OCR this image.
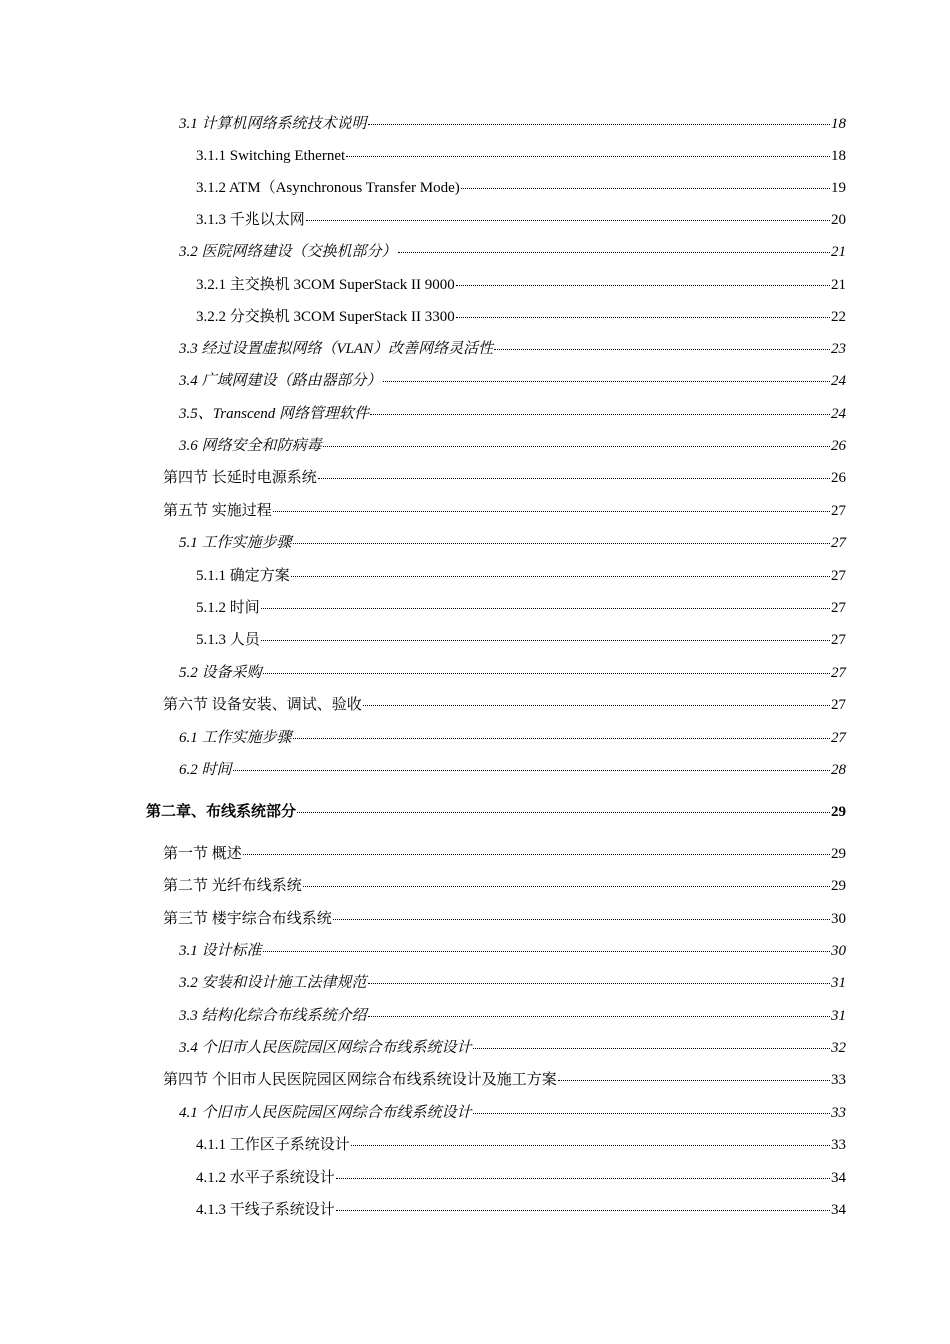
3.1 计算机网络系统技术说明	18
3.1.1 Switching Ethernet	18
3.1.2 ATM（Asynchronous Transfer Mode)	19
3.1.3 千兆以太网	20
3.2 医院网络建设（交换机部分）	21
3.2.1 主交换机 3COM SuperStack II 9000	21
3.2.2 分交换机 3COM SuperStack II 3300	22
3.3 经过设置虚拟网络（VLAN）改善网络灵活性	23
3.4 广域网建设（路由器部分）	24
3.5、Transcend 网络管理软件	24
3.6 网络安全和防病毒	26
第四节 长延时电源系统	26
第五节 实施过程	27
5.1 工作实施步骤	27
5.1.1 确定方案	27
5.1.2 时间	27
5.1.3 人员	27
5.2 设备采购	27
第六节 设备安装、调试、验收	27
6.1 工作实施步骤	27
6.2 时间	28
第二章、布线系统部分	29
第一节 概述	29
第二节 光纤布线系统	29
第三节 楼宇综合布线系统	30
3.1 设计标准	30
3.2 安装和设计施工法律规范	31
3.3 结构化综合布线系统介绍	31
3.4 个旧市人民医院园区网综合布线系统设计	32
第四节 个旧市人民医院园区网综合布线系统设计及施工方案	33
4.1 个旧市人民医院园区网综合布线系统设计	33
4.1.1 工作区子系统设计	33
4.1.2 水平子系统设计	34
4.1.3 干线子系统设计	34
